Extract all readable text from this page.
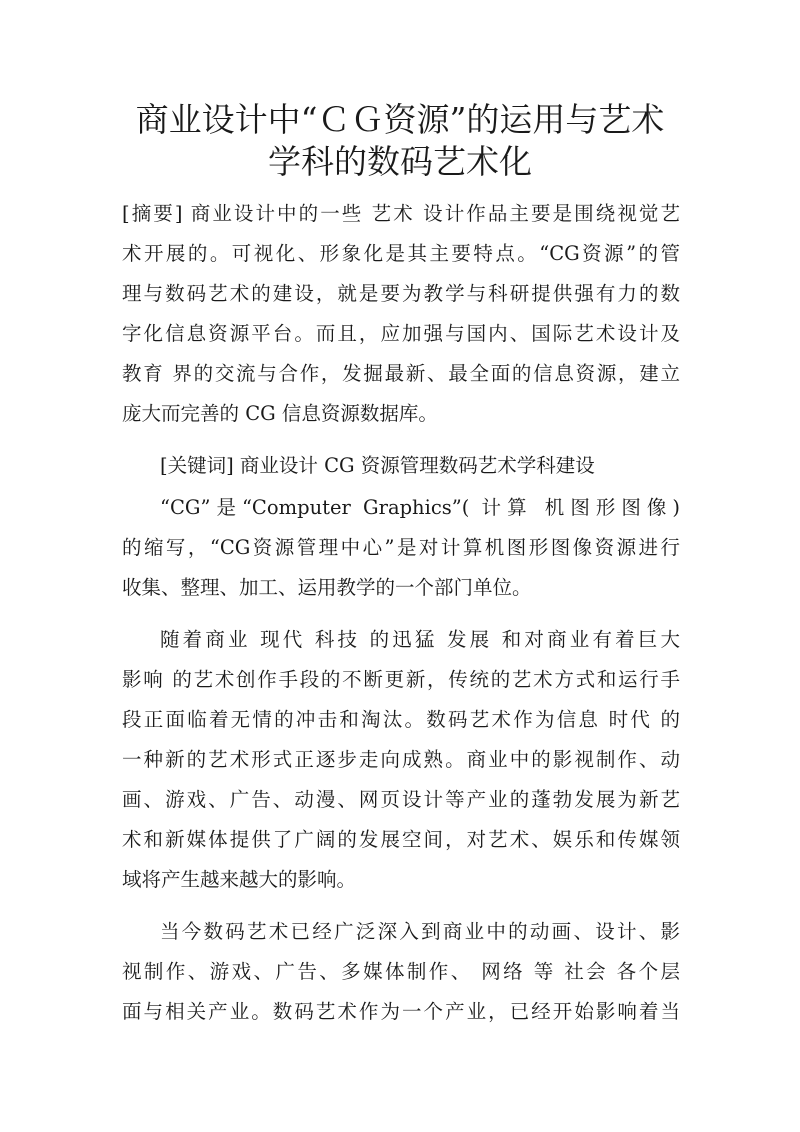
商业设计中“ＣＧ资源”的运用与艺术
学科的数码艺术化

[摘要] 商业设计中的一些 艺术 设计作品主要是围绕视觉艺

术开展的。可视化、形象化是其主要特点。“CG资源”的管

理与数码艺术的建设，就是要为教学与科研提供强有力的数

字化信息资源平台。而且，应加强与国内、国际艺术设计及

教育 界的交流与合作，发掘最新、最全面的信息资源，建立

庞大而完善的 CG 信息资源数据库。

[关键词] 商业设计 CG 资源管理数码艺术学科建设

“CG”是“Computer Graphics”( 计算 机图形图像)

的缩写，“CG资源管理中心”是对计算机图形图像资源进行

收集、整理、加工、运用教学的一个部门单位。

随着商业 现代 科技 的迅猛 发展 和对商业有着巨大

影响 的艺术创作手段的不断更新，传统的艺术方式和运行手

段正面临着无情的冲击和淘汰。数码艺术作为信息 时代 的

一种新的艺术形式正逐步走向成熟。商业中的影视制作、动

画、游戏、广告、动漫、网页设计等产业的蓬勃发展为新艺

术和新媒体提供了广阔的发展空间，对艺术、娱乐和传媒领

域将产生越来越大的影响。

当今数码艺术已经广泛深入到商业中的动画、设计、影

视制作、游戏、广告、多媒体制作、 网络 等 社会 各个层

面与相关产业。数码艺术作为一个产业，已经开始影响着当
